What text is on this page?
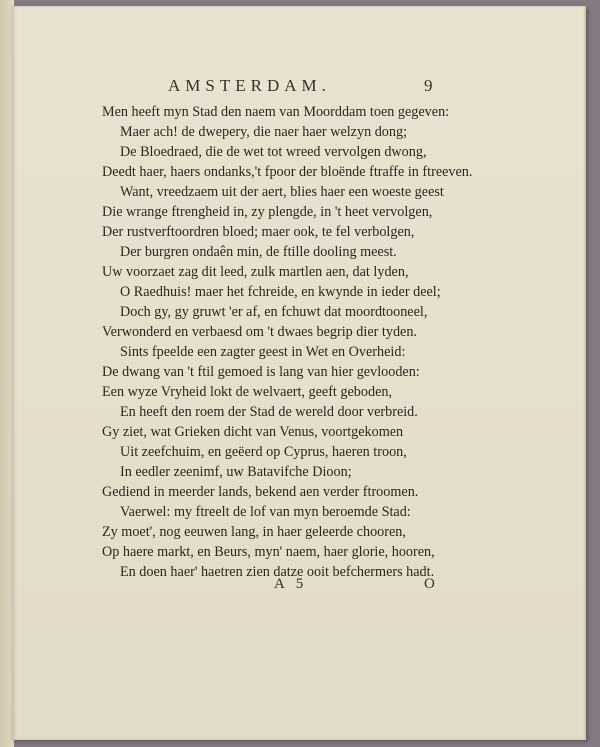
AMSTERDAM.	9
Men heeft myn Stad den naem van Moorddam toen gegeven:
Maer ach! de dwepery, die naer haer welzyn dong;
De Bloedraed, die de wet tot wreed vervolgen dwong,
Deedt haer, haers ondanks,'t fpoor der bloënde ftraffe in ftreeven.
Want, vreedzaem uit der aert, blies haer een woeste geest
Die wrange ftrengheid in, zy plengde, in 't heet vervolgen,
Der rustverftoordren bloed; maer ook, te fel verbolgen,
Der burgren ondaên min, de ftille dooling meest.
Uw voorzaet zag dit leed, zulk martlen aen, dat lyden,
O Raedhuis! maer het fchreide, en kwynde in ieder deel;
Doch gy, gy gruwt 'er af, en fchuwt dat moordtooneel,
Verwonderd en verbaesd om 't dwaes begrip dier tyden.
Sints fpeelde een zagter geest in Wet en Overheid:
De dwang van 't ftil gemoed is lang van hier gevlooden:
Een wyze Vryheid lokt de welvaert, geeft geboden,
En heeft den roem der Stad de wereld door verbreid.
Gy ziet, wat Grieken dicht van Venus, voortgekomen
Uit zeefchuim, en geëerd op Cyprus, haeren troon,
In eedler zeenimf, uw Batavifche Dioon;
Gediend in meerder lands, bekend aen verder ftroomen.
Vaerwel: my ftreelt de lof van myn beroemde Stad:
Zy moet', nog eeuwen lang, in haer geleerde chooren,
Op haere markt, en Beurs, myn' naem, haer glorie, hooren,
En doen haer' haetren zien datze ooit befchermers hadt.
A 5	O
